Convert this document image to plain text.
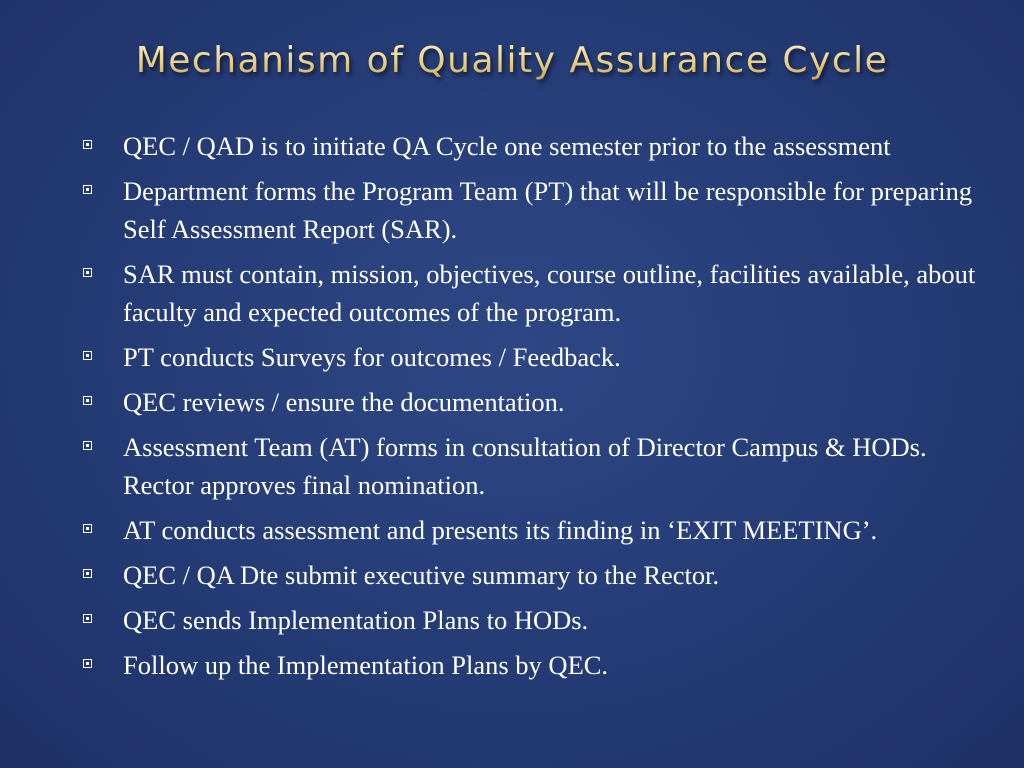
Mechanism of Quality Assurance Cycle
QEC / QAD is to initiate QA Cycle one semester prior to the assessment
Department forms the Program Team (PT) that will be responsible for preparing Self Assessment Report (SAR).
SAR must contain, mission, objectives, course outline, facilities available, about faculty and expected outcomes of the program.
PT conducts Surveys for outcomes / Feedback.
QEC reviews / ensure the documentation.
Assessment Team (AT) forms in consultation of Director Campus & HODs. Rector approves final nomination.
AT conducts assessment and presents its finding in ‘EXIT MEETING’.
QEC / QA Dte submit executive summary to the Rector.
QEC sends Implementation Plans to HODs.
Follow up the Implementation Plans by QEC.
